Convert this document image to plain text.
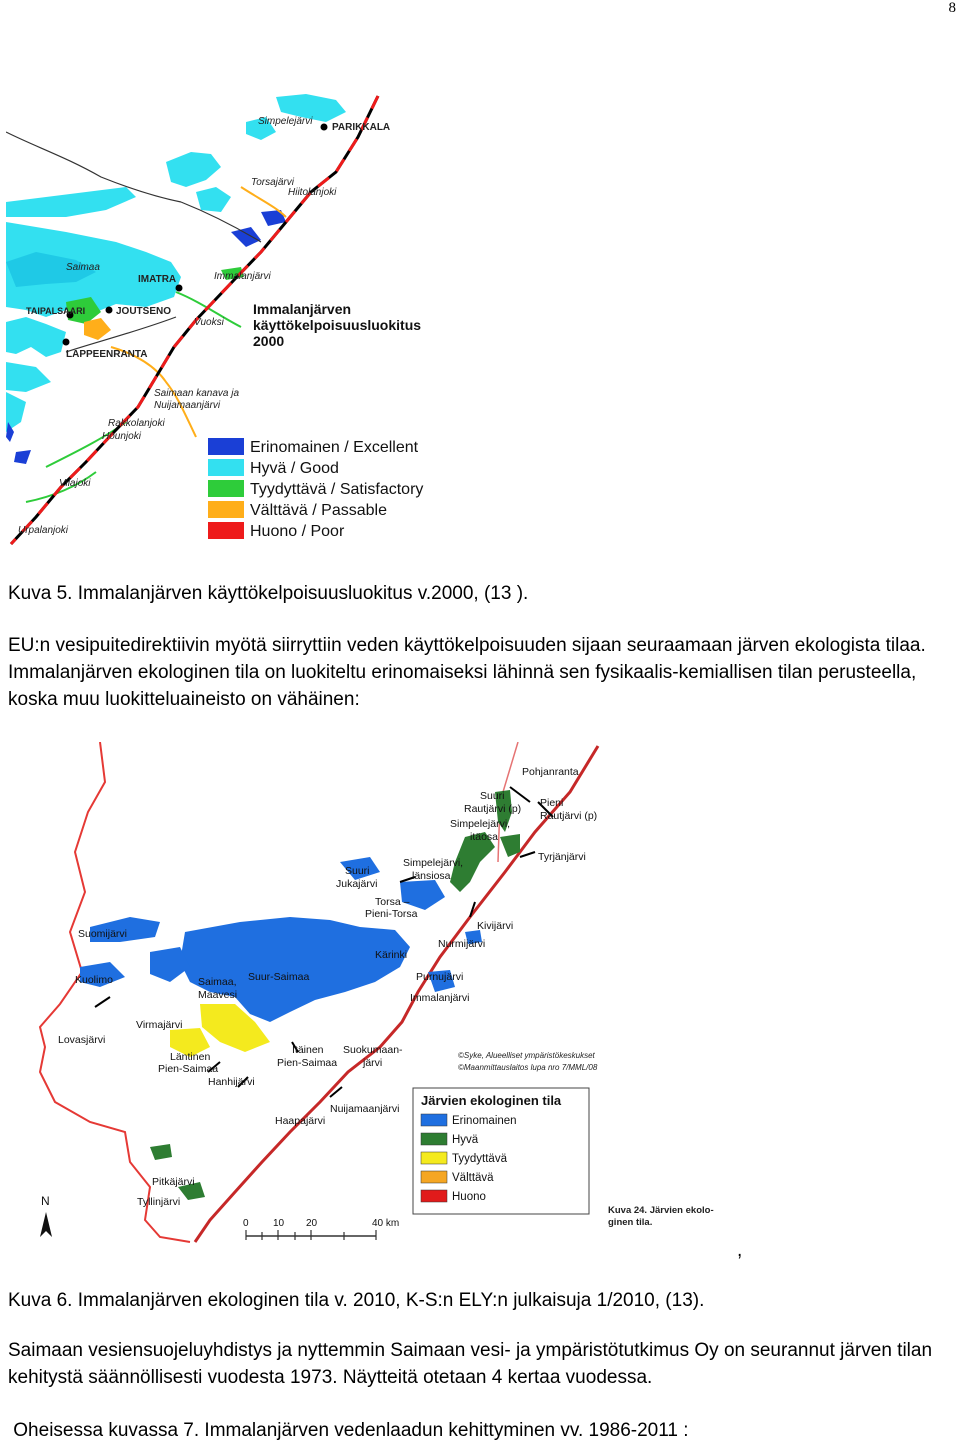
8
Simpelejärvi
PARIKKALA
Torsajärvi
Hiitolanjoki
Saimaa
IMATRA	Immalanjärvi
TAIPALSAARI	JOUTSENO
Vuoksi
LAPPEENRANTA
Saimaan kanava ja
Nuijamaanjärvi
Rakkolanjoki
Hounjoki
Vilajoki
Urpalanjoki
Immalanjärven
käyttökelpoisuusluokitus
2000
Erinomainen / Excellent
Hyvä / Good
Tyydyttävä / Satisfactory
Välttävä / Passable
Huono / Poor
Kuva 5. Immalanjärven käyttökelpoisuusluokitus v.2000, (13 ).
EU:n vesipuitedirektiivin myötä siirryttiin veden käyttökelpoisuuden sijaan seuraamaan järven ekologista tilaa. Immalanjärven ekologinen tila on luokiteltu erinomaiseksi lähinnä sen fysikaalis-kemiallisen tilan perusteella, koska muu luokitteluaineisto on vähäinen:
Pohjanranta
Suuri
Rautjärvi (p) Pieni
Rautjärvi (p)
Simpelejärvi,
itäosa
Tyrjänjärvi
Simpelejärvi,
länsiosa
Suuri
Jukajärvi
Torsa –
Pieni-Torsa
Kivijärvi
Nurmijärvi
Suomijärvi
Kärinki
Kuolimo	Saimaa,
Maavesi
Suur-Saimaa	Purnujärvi
Immalanjärvi
Virmajärvi
Lovasjärvi
Läntinen
Pien-Saimaa
Itäinen
Pien-Saimaa
Suokumaan-
järvi
Hanhijärvi
Nuijamaanjärvi
Haapajärvi
Pitkäjärvi
Tyllinjärvi
©Syke, Alueelliset ympäristökeskukset
©Maanmittauslaitos lupa nro 7/MML/08
N
0 10 20	40 km
Järvien ekologinen tila
Erinomainen
Hyvä
Tyydyttävä
Välttävä
Huono
Kuva 24. Järvien ekolo-
ginen tila.
,
Kuva 6. Immalanjärven ekologinen tila v. 2010, K-S:n ELY:n julkaisuja 1/2010, (13).
Saimaan vesiensuojeluyhdistys ja nyttemmin Saimaan vesi- ja ympäristötutkimus Oy on seurannut järven tilan kehitystä säännöllisesti vuodesta 1973. Näytteitä otetaan 4 kertaa vuodessa.
Oheisessa kuvassa 7. Immalanjärven vedenlaadun kehittyminen vv. 1986-2011 :
